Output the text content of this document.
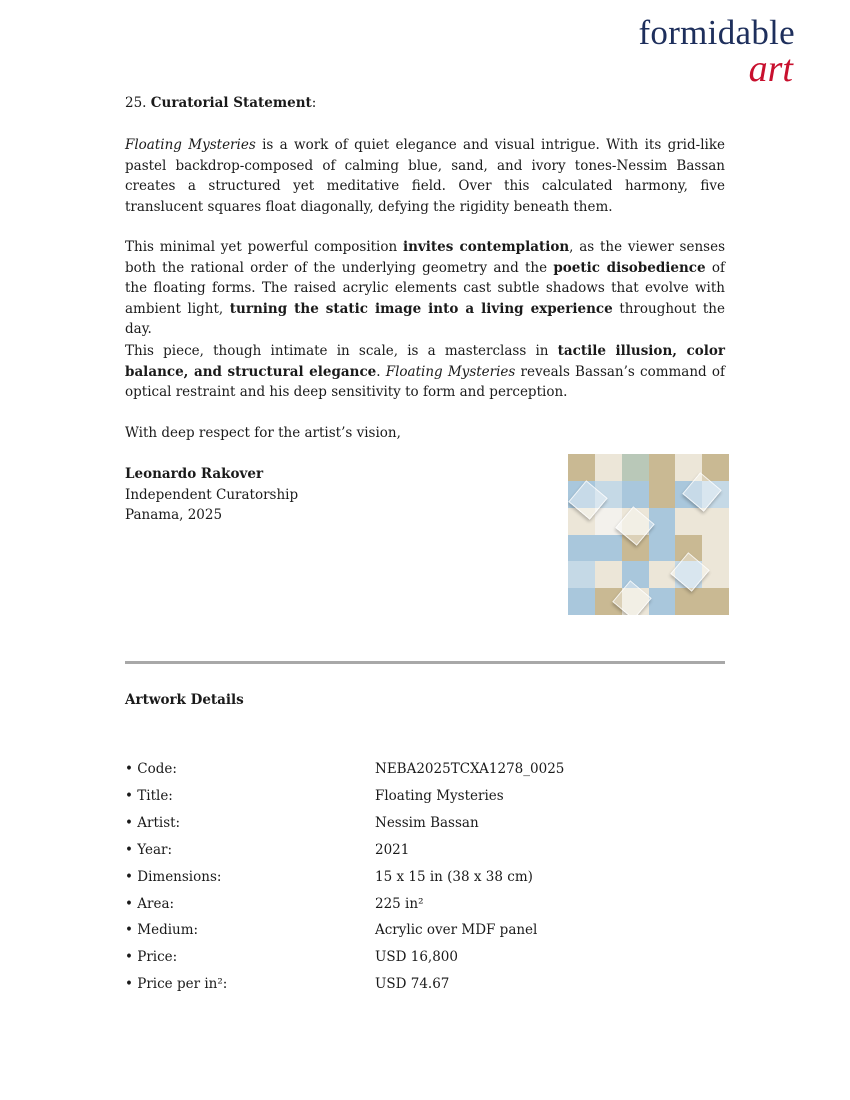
formidable
art
25. Curatorial Statement:
Floating Mysteries is a work of quiet elegance and visual intrigue. With its grid-like pastel backdrop-composed of calming blue, sand, and ivory tones-Nessim Bassan creates a structured yet meditative field. Over this calculated harmony, five translucent squares float diagonally, defying the rigidity beneath them.
This minimal yet powerful composition invites contemplation, as the viewer senses both the rational order of the underlying geometry and the poetic disobedience of the floating forms. The raised acrylic elements cast subtle shadows that evolve with ambient light, turning the static image into a living experience throughout the day.
This piece, though intimate in scale, is a masterclass in tactile illusion, color balance, and structural elegance. Floating Mysteries reveals Bassan’s command of optical restraint and his deep sensitivity to form and perception.
With deep respect for the artist’s vision,
Leonardo Rakover
Independent Curatorship
Panama, 2025
Artwork Details
• Code:	NEBA2025TCXA1278_0025
• Title:	Floating Mysteries
• Artist:	Nessim Bassan
• Year:	2021
• Dimensions:	15 x 15 in (38 x 38 cm)
• Area:	225 in²
• Medium:	Acrylic over MDF panel
• Price:	USD 16,800
• Price per in²:	USD 74.67
